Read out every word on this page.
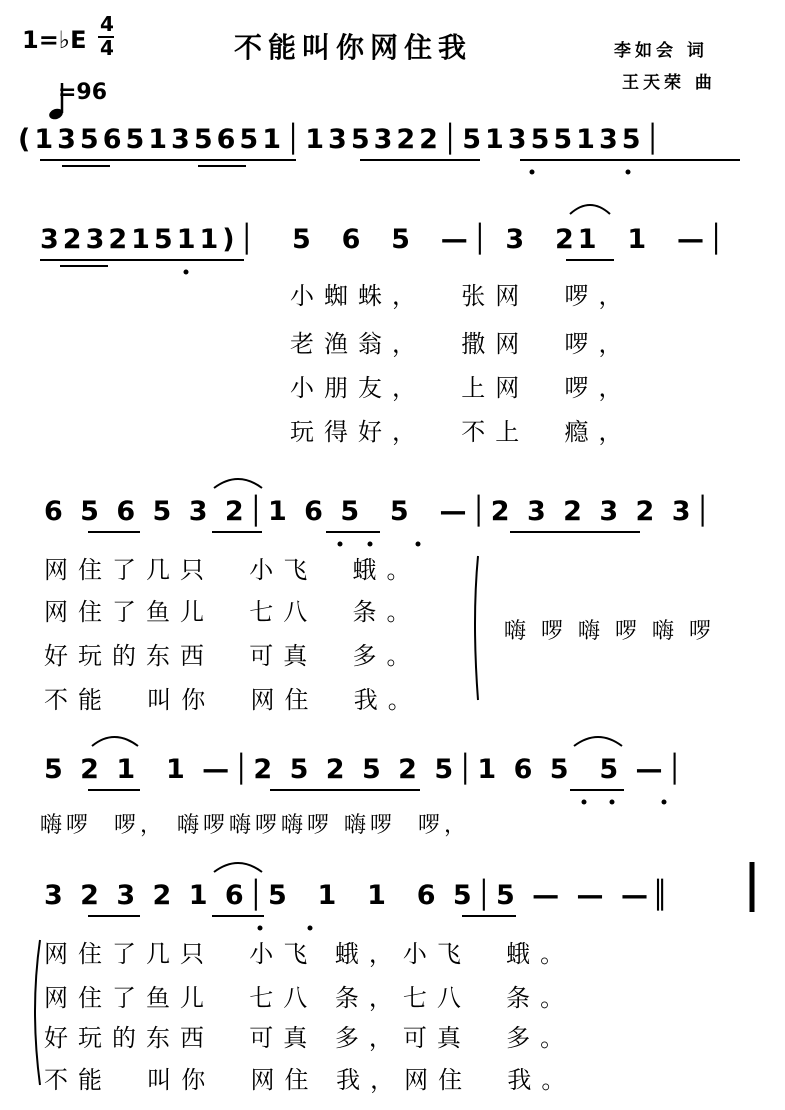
1=♭E
4
4

=96
不能叫你网住我	李如会 词
王天荣 曲
(13565135651│135322│51355135│
32321511)│ 5  6  5  —│ 3  21  1  —│
小蜘蛛，  张网  啰，
老渔翁，  撒网  啰，
小朋友，  上网  啰，
玩得好，  不上  瘾，
6 5 6 5 3 2│1 6 5  5  —│2 3 2 3 2 3│
网住了几只  小飞  蛾。
网住了鱼儿  七八  条。
好玩的东西  可真  多。
不能  叫你  网住  我。
嗨 啰 嗨 啰 嗨 啰
5 2 1  1 —│2 5 2 5 2 5│1 6 5  5 —│
嗨啰  啰， 嗨啰嗨啰嗨啰 嗨啰  啰，
3 2 3 2 1 6│5  1  1  6 5│5 — — —║
网住了几只  小飞 蛾，小飞  蛾。
网住了鱼儿  七八 条，七八  条。
好玩的东西  可真 多，可真  多。
不能  叫你  网住 我，网住  我。
